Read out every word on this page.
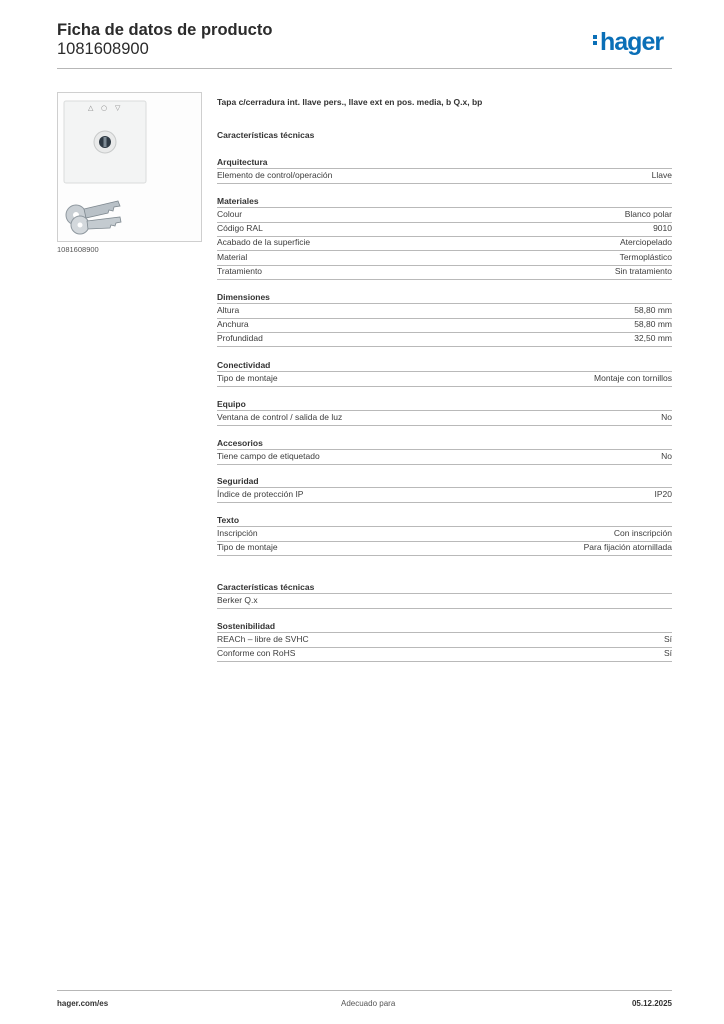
Ficha de datos de producto
1081608900	hager
△ ○ ▽
1081608900
Tapa c/cerradura int. llave pers., llave ext en pos. media, b Q.x, bp
Características técnicas
Arquitectura
Elemento de control/operación	Llave
Materiales
Colour	Blanco polar
Código RAL	9010
Acabado de la superficie	Aterciopelado
Material	Termoplástico
Tratamiento	Sin tratamiento
Dimensiones
Altura	58,80 mm
Anchura	58,80 mm
Profundidad	32,50 mm
Conectividad
Tipo de montaje	Montaje con tornillos
Equipo
Ventana de control / salida de luz	No
Accesorios
Tiene campo de etiquetado	No
Seguridad
Índice de protección IP	IP20
Texto
Inscripción	Con inscripción
Tipo de montaje	Para fijación atornillada
Características técnicas
Berker Q.x
Sostenibilidad
REACh – libre de SVHC	Sí
Conforme con RoHS	Sí
hager.com/es	Adecuado para	05.12.2025
